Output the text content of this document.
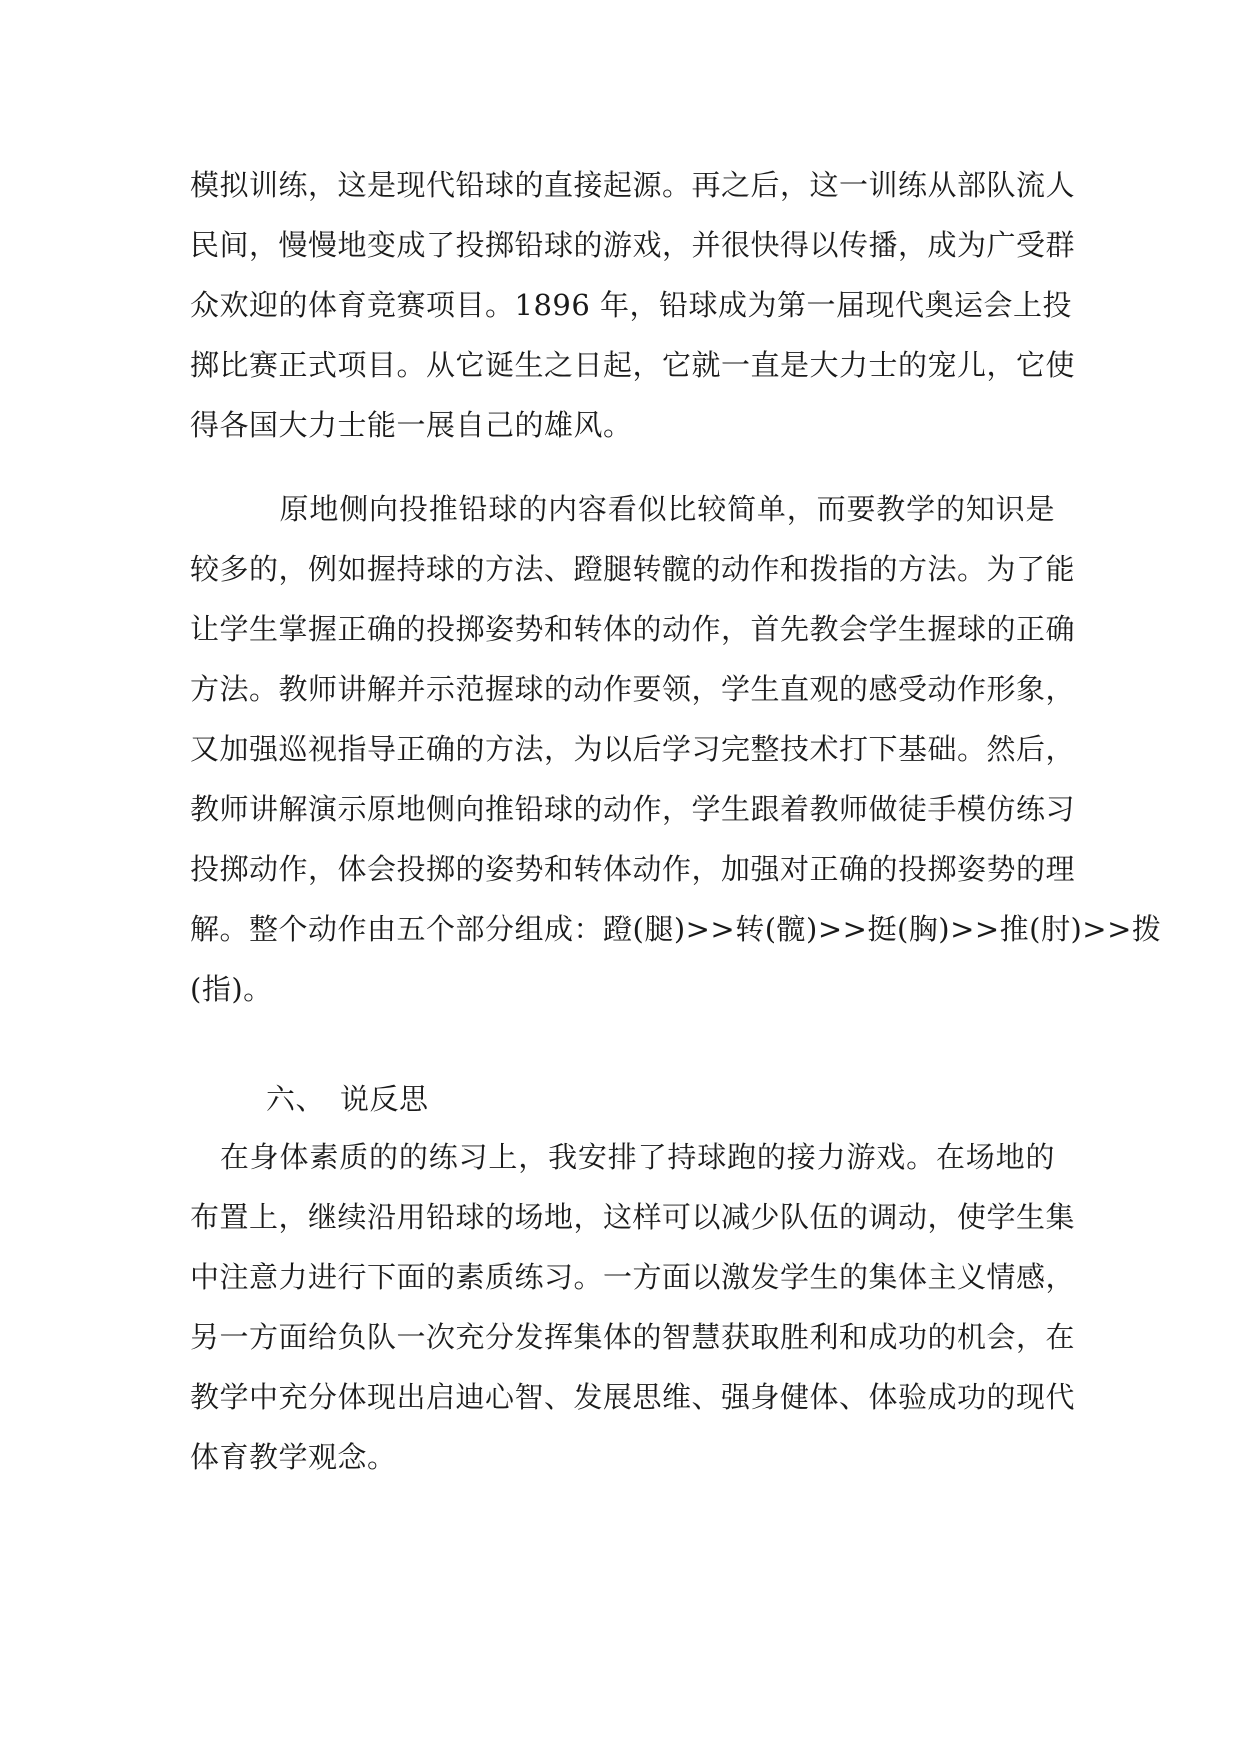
模拟训练，这是现代铅球的直接起源。再之后，这一训练从部队流人
民间，慢慢地变成了投掷铅球的游戏，并很快得以传播，成为广受群
众欢迎的体育竞赛项目。1896 年，铅球成为第一届现代奥运会上投
掷比赛正式项目。从它诞生之日起，它就一直是大力士的宠儿，它使
得各国大力士能一展自己的雄风。
　　　原地侧向投推铅球的内容看似比较简单，而要教学的知识是
较多的，例如握持球的方法、蹬腿转髋的动作和拨指的方法。为了能
让学生掌握正确的投掷姿势和转体的动作，首先教会学生握球的正确
方法。教师讲解并示范握球的动作要领，学生直观的感受动作形象，
又加强巡视指导正确的方法，为以后学习完整技术打下基础。然后，
教师讲解演示原地侧向推铅球的动作，学生跟着教师做徒手模仿练习
投掷动作，体会投掷的姿势和转体动作，加强对正确的投掷姿势的理
解。整个动作由五个部分组成：蹬(腿)>>转(髋)>>挺(胸)>>推(肘)>>拨
(指)。
六、　说反思
　在身体素质的的练习上，我安排了持球跑的接力游戏。在场地的
布置上，继续沿用铅球的场地，这样可以减少队伍的调动，使学生集
中注意力进行下面的素质练习。一方面以激发学生的集体主义情感，
另一方面给负队一次充分发挥集体的智慧获取胜利和成功的机会，在
教学中充分体现出启迪心智、发展思维、强身健体、体验成功的现代
体育教学观念。
